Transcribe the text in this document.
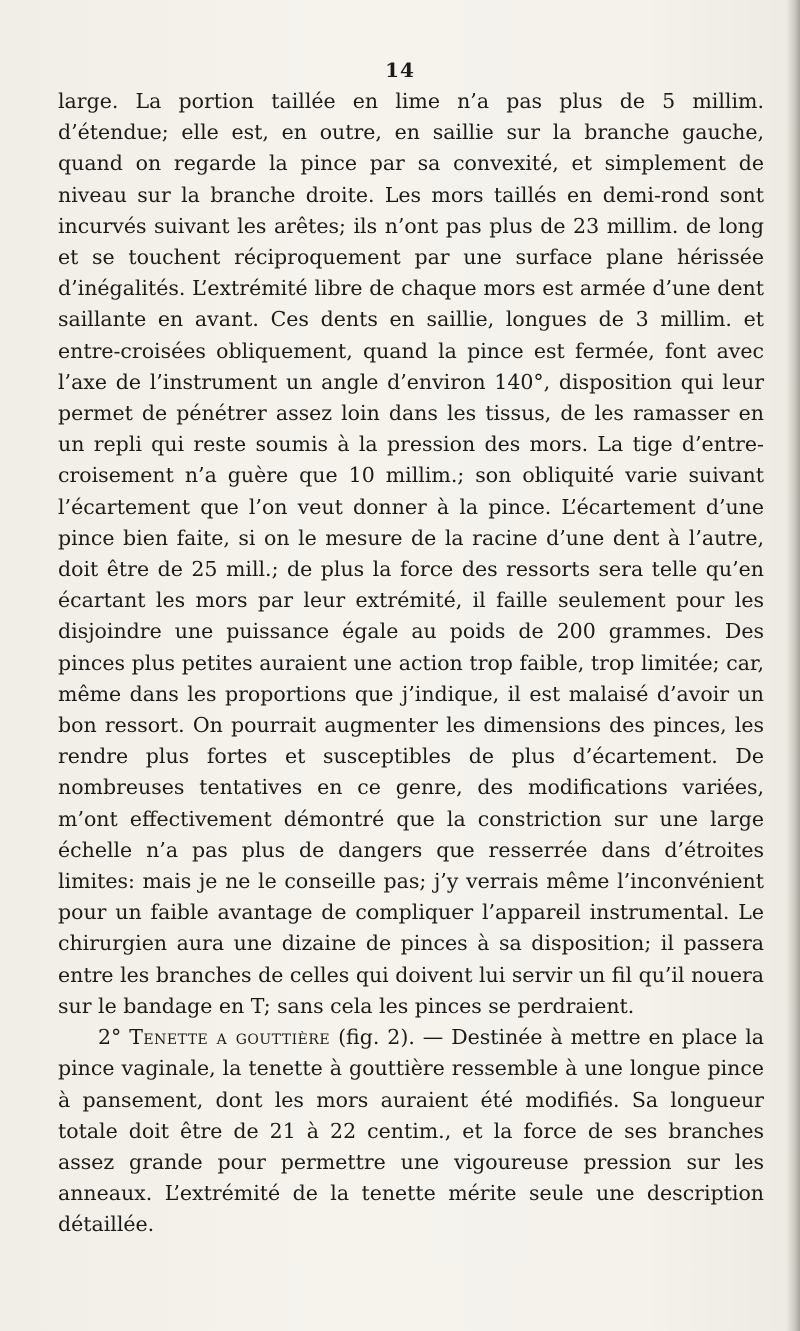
14

large. La portion taillée en lime n’a pas plus de 5 millim. d’étendue; elle est, en outre, en saillie sur la branche gauche, quand on regarde la pince par sa convexité, et simplement de niveau sur la branche droite. Les mors taillés en demi-rond sont incurvés suivant les arêtes; ils n’ont pas plus de 23 millim. de long et se touchent réciproquement par une surface plane hérissée d’inégalités. L’extrémité libre de chaque mors est armée d’une dent saillante en avant. Ces dents en saillie, longues de 3 millim. et entre-croisées obliquement, quand la pince est fermée, font avec l’axe de l’instrument un angle d’environ 140°, disposition qui leur permet de pénétrer assez loin dans les tissus, de les ramasser en un repli qui reste soumis à la pression des mors. La tige d’entre-croisement n’a guère que 10 millim.; son obliquité varie suivant l’écartement que l’on veut donner à la pince. L’écartement d’une pince bien faite, si on le mesure de la racine d’une dent à l’autre, doit être de 25 mill.; de plus la force des ressorts sera telle qu’en écartant les mors par leur extrémité, il faille seulement pour les disjoindre une puissance égale au poids de 200 grammes. Des pinces plus petites auraient une action trop faible, trop limitée; car, même dans les proportions que j’indique, il est malaisé d’avoir un bon ressort. On pourrait augmenter les dimensions des pinces, les rendre plus fortes et susceptibles de plus d’écartement. De nombreuses tentatives en ce genre, des modifications variées, m’ont effectivement démontré que la constriction sur une large échelle n’a pas plus de dangers que resserrée dans d’étroites limites: mais je ne le conseille pas; j’y verrais même l’inconvénient pour un faible avantage de compliquer l’appareil instrumental. Le chirurgien aura une dizaine de pinces à sa disposition; il passera entre les branches de celles qui doivent lui servir un fil qu’il nouera sur le bandage en T; sans cela les pinces se perdraient.

2° Tenette a gouttière (fig. 2). — Destinée à mettre en place la pince vaginale, la tenette à gouttière ressemble à une longue pince à pansement, dont les mors auraient été modifiés. Sa longueur totale doit être de 21 à 22 centim., et la force de ses branches assez grande pour permettre une vigoureuse pression sur les anneaux. L’extrémité de la tenette mérite seule une description détaillée.
